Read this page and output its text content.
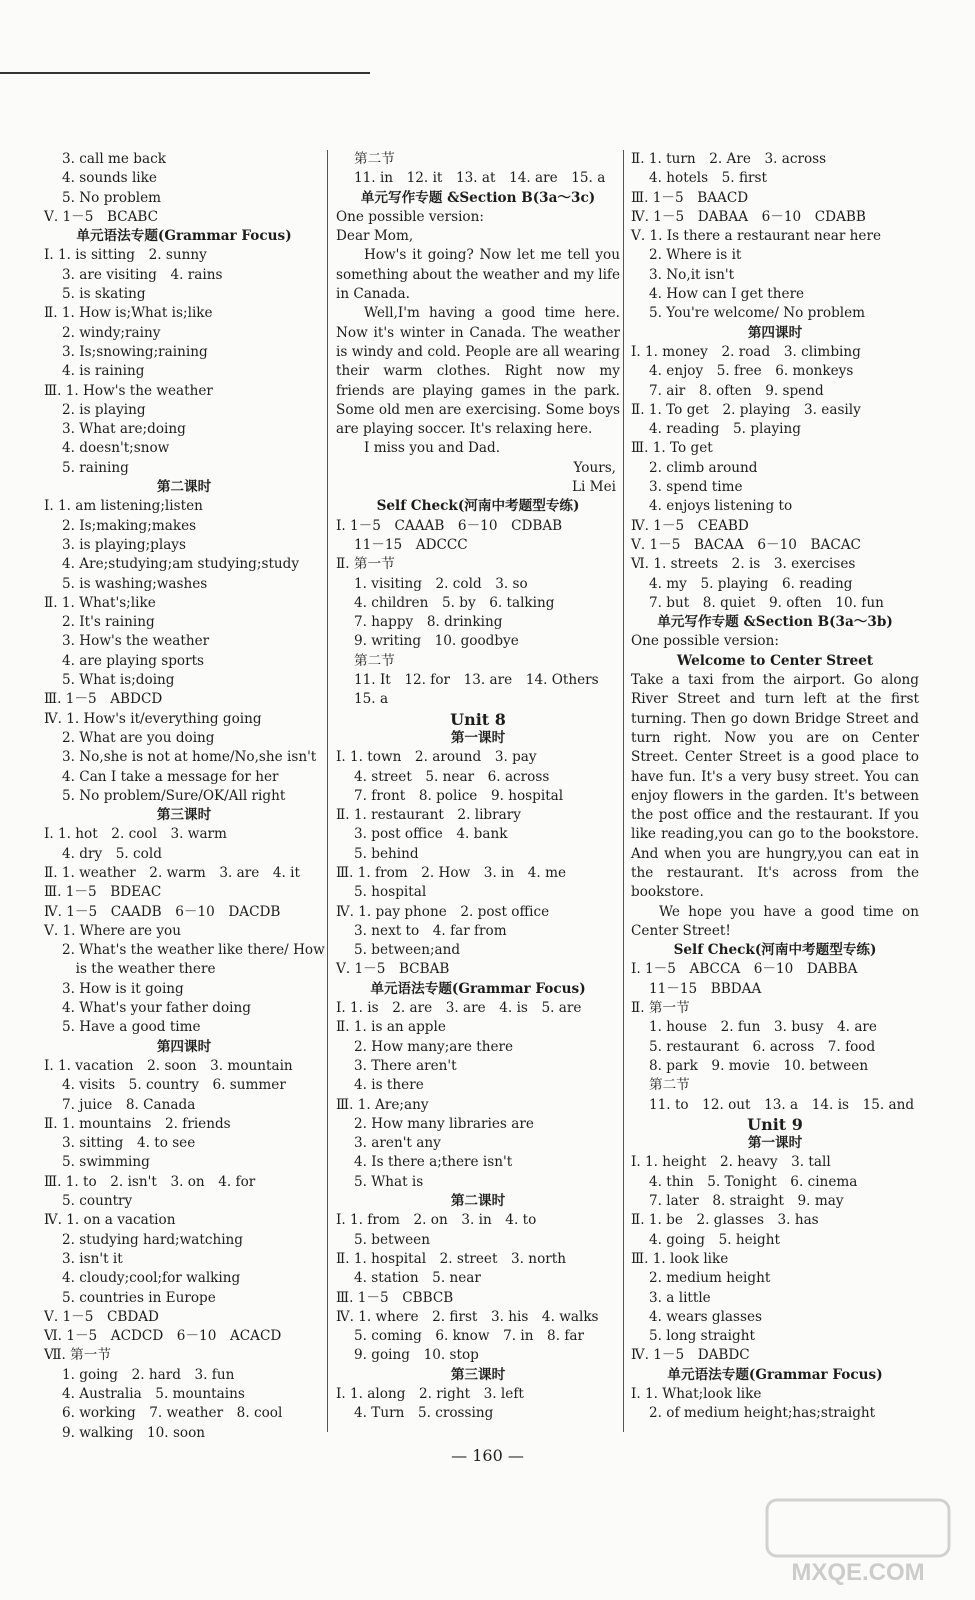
3. call me back
4. sounds like
5. No problem
Ⅴ. 1－5　BCABC
单元语法专题(Grammar Focus)
Ⅰ. 1. is sitting　2. sunny
3. are visiting　4. rains
5. is skating
Ⅱ. 1. How is;What is;like
2. windy;rainy
3. Is;snowing;raining
4. is raining
Ⅲ. 1. How's the weather
2. is playing
3. What are;doing
4. doesn't;snow
5. raining
第二课时
Ⅰ. 1. am listening;listen
2. Is;making;makes
3. is playing;plays
4. Are;studying;am studying;study
5. is washing;washes
Ⅱ. 1. What's;like
2. It's raining
3. How's the weather
4. are playing sports
5. What is;doing
Ⅲ. 1－5　ABDCD
Ⅳ. 1. How's it/everything going
2. What are you doing
3. No,she is not at home/No,she isn't
4. Can I take a message for her
5. No problem/Sure/OK/All right
第三课时
Ⅰ. 1. hot　2. cool　3. warm
4. dry　5. cold
Ⅱ. 1. weather　2. warm　3. are　4. it
Ⅲ. 1－5　BDEAC
Ⅳ. 1－5　CAADB　6－10　DACDB
Ⅴ. 1. Where are you
2. What's the weather like there/ How
　is the weather there
3. How is it going
4. What's your father doing
5. Have a good time
第四课时
Ⅰ. 1. vacation　2. soon　3. mountain
4. visits　5. country　6. summer
7. juice　8. Canada
Ⅱ. 1. mountains　2. friends
3. sitting　4. to see
5. swimming
Ⅲ. 1. to　2. isn't　3. on　4. for
5. country
Ⅳ. 1. on a vacation
2. studying hard;watching
3. isn't it
4. cloudy;cool;for walking
5. countries in Europe
Ⅴ. 1－5　CBDAD
Ⅵ. 1－5　ACDCD　6－10　ACACD
Ⅶ. 第一节
1. going　2. hard　3. fun
4. Australia　5. mountains
6. working　7. weather　8. cool
9. walking　10. soon
第二节
11. in　12. it　13. at　14. are　15. a
单元写作专题 &Section B(3a～3c)
One possible version:
Dear Mom,
How's it going? Now let me tell you something about the weather and my life in Canada.
Well,I'm having a good time here. Now it's winter in Canada. The weather is windy and cold. People are all wearing their warm clothes. Right now my friends are playing games in the park. Some old men are exercising. Some boys are playing soccer. It's relaxing here.
I miss you and Dad.
Yours,
Li Mei
Self Check(河南中考题型专练)
Ⅰ. 1－5　CAAAB　6－10　CDBAB
11－15　ADCCC
Ⅱ. 第一节
1. visiting　2. cold　3. so
4. children　5. by　6. talking
7. happy　8. drinking
9. writing　10. goodbye
第二节
11. It　12. for　13. are　14. Others
15. a
Unit 8
第一课时
Ⅰ. 1. town　2. around　3. pay
4. street　5. near　6. across
7. front　8. police　9. hospital
Ⅱ. 1. restaurant　2. library
3. post office　4. bank
5. behind
Ⅲ. 1. from　2. How　3. in　4. me
5. hospital
Ⅳ. 1. pay phone　2. post office
3. next to　4. far from
5. between;and
Ⅴ. 1－5　BCBAB
单元语法专题(Grammar Focus)
Ⅰ. 1. is　2. are　3. are　4. is　5. are
Ⅱ. 1. is an apple
2. How many;are there
3. There aren't
4. is there
Ⅲ. 1. Are;any
2. How many libraries are
3. aren't any
4. Is there a;there isn't
5. What is
第二课时
Ⅰ. 1. from　2. on　3. in　4. to
5. between
Ⅱ. 1. hospital　2. street　3. north
4. station　5. near
Ⅲ. 1－5　CBBCB
Ⅳ. 1. where　2. first　3. his　4. walks
5. coming　6. know　7. in　8. far
9. going　10. stop
第三课时
Ⅰ. 1. along　2. right　3. left
4. Turn　5. crossing
Ⅱ. 1. turn　2. Are　3. across
4. hotels　5. first
Ⅲ. 1－5　BAACD
Ⅳ. 1－5　DABAA　6－10　CDABB
Ⅴ. 1. Is there a restaurant near here
2. Where is it
3. No,it isn't
4. How can I get there
5. You're welcome/ No problem
第四课时
Ⅰ. 1. money　2. road　3. climbing
4. enjoy　5. free　6. monkeys
7. air　8. often　9. spend
Ⅱ. 1. To get　2. playing　3. easily
4. reading　5. playing
Ⅲ. 1. To get
2. climb around
3. spend time
4. enjoys listening to
Ⅳ. 1－5　CEABD
Ⅴ. 1－5　BACAA　6－10　BACAC
Ⅵ. 1. streets　2. is　3. exercises
4. my　5. playing　6. reading
7. but　8. quiet　9. often　10. fun
单元写作专题 &Section B(3a～3b)
One possible version:
Welcome to Center Street
Take a taxi from the airport. Go along River Street and turn left at the first turning. Then go down Bridge Street and turn right. Now you are on Center Street. Center Street is a good place to have fun. It's a very busy street. You can enjoy flowers in the garden. It's between the post office and the restaurant. If you like reading,you can go to the bookstore. And when you are hungry,you can eat in the restaurant. It's across from the bookstore.
We hope you have a good time on Center Street!
Self Check(河南中考题型专练)
Ⅰ. 1－5　ABCCA　6－10　DABBA
11－15　BBDAA
Ⅱ. 第一节
1. house　2. fun　3. busy　4. are
5. restaurant　6. across　7. food
8. park　9. movie　10. between
第二节
11. to　12. out　13. a　14. is　15. and
Unit 9
第一课时
Ⅰ. 1. height　2. heavy　3. tall
4. thin　5. Tonight　6. cinema
7. later　8. straight　9. may
Ⅱ. 1. be　2. glasses　3. has
4. going　5. height
Ⅲ. 1. look like
2. medium height
3. a little
4. wears glasses
5. long straight
Ⅳ. 1－5　DABDC
单元语法专题(Grammar Focus)
Ⅰ. 1. What;look like
2. of medium height;has;straight
— 160 —
MXQE.COM
